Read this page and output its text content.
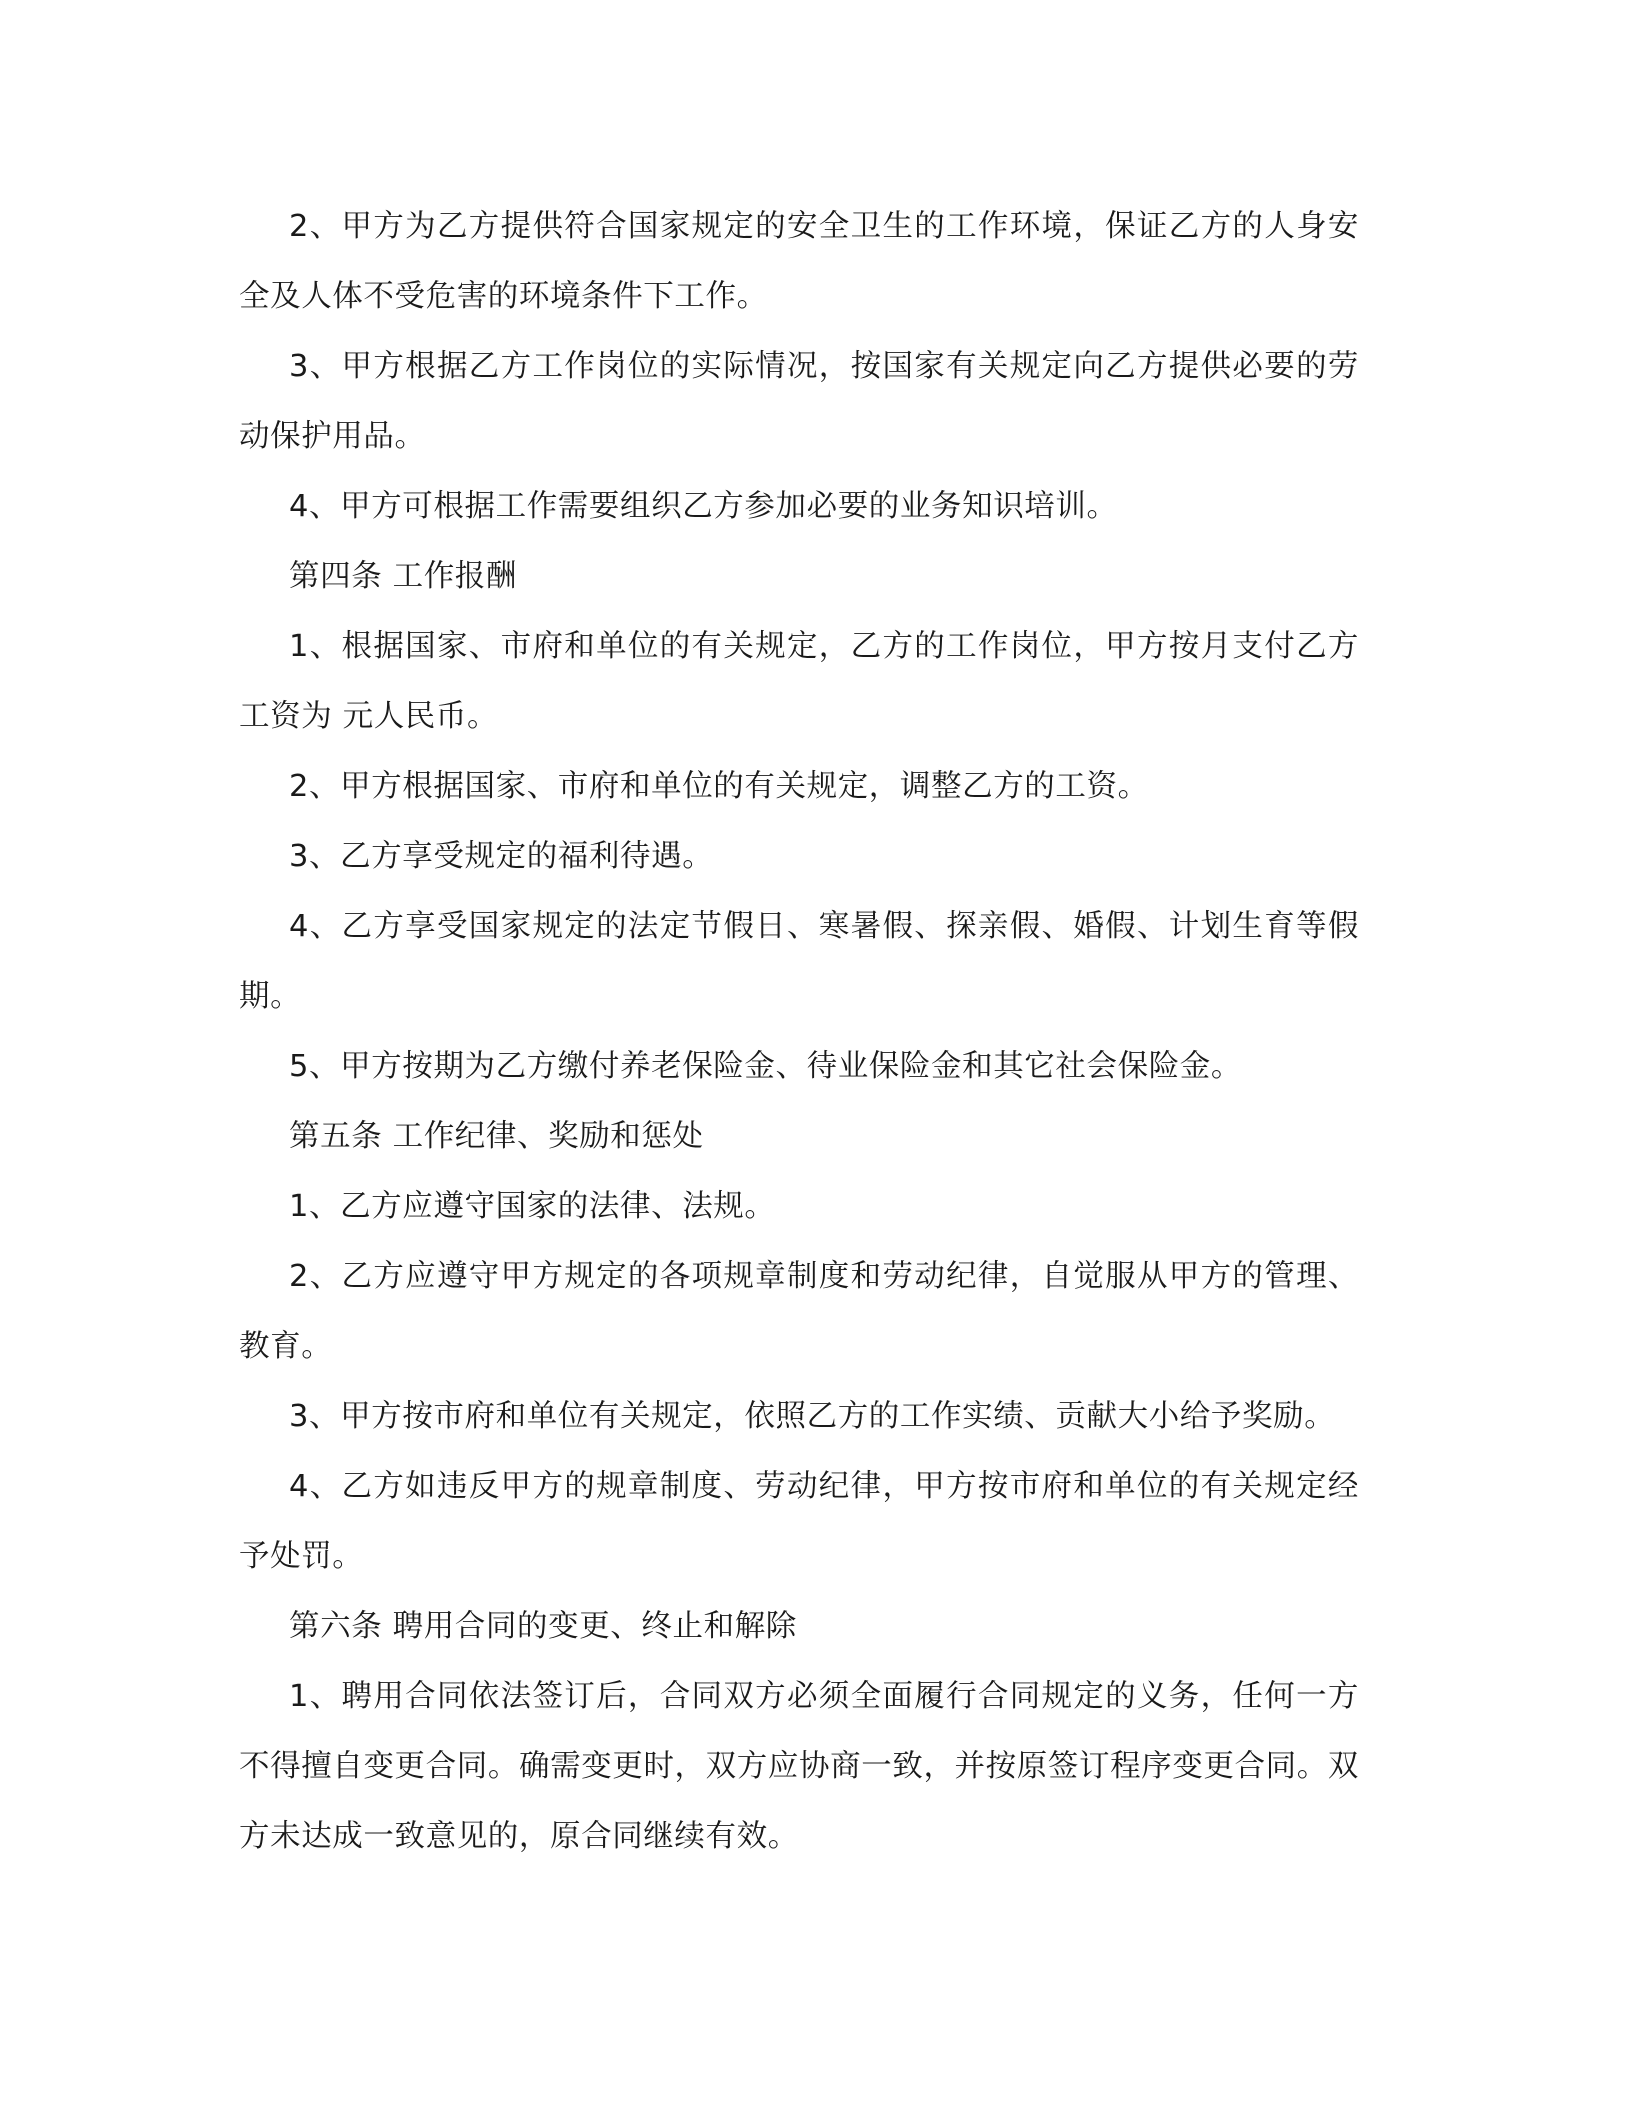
2、甲方为乙方提供符合国家规定的安全卫生的工作环境，保证乙方的人身安全及人体不受危害的环境条件下工作。

3、甲方根据乙方工作岗位的实际情况，按国家有关规定向乙方提供必要的劳动保护用品。

4、甲方可根据工作需要组织乙方参加必要的业务知识培训。

第四条 工作报酬

1、根据国家、市府和单位的有关规定，乙方的工作岗位，甲方按月支付乙方工资为 元人民币。

2、甲方根据国家、市府和单位的有关规定，调整乙方的工资。

3、乙方享受规定的福利待遇。

4、乙方享受国家规定的法定节假日、寒暑假、探亲假、婚假、计划生育等假期。

5、甲方按期为乙方缴付养老保险金、待业保险金和其它社会保险金。

第五条 工作纪律、奖励和惩处

1、乙方应遵守国家的法律、法规。

2、乙方应遵守甲方规定的各项规章制度和劳动纪律，自觉服从甲方的管理、教育。

3、甲方按市府和单位有关规定，依照乙方的工作实绩、贡献大小给予奖励。

4、乙方如违反甲方的规章制度、劳动纪律，甲方按市府和单位的有关规定经予处罚。

第六条 聘用合同的变更、终止和解除

1、聘用合同依法签订后，合同双方必须全面履行合同规定的义务，任何一方不得擅自变更合同。确需变更时，双方应协商一致，并按原签订程序变更合同。双方未达成一致意见的，原合同继续有效。
